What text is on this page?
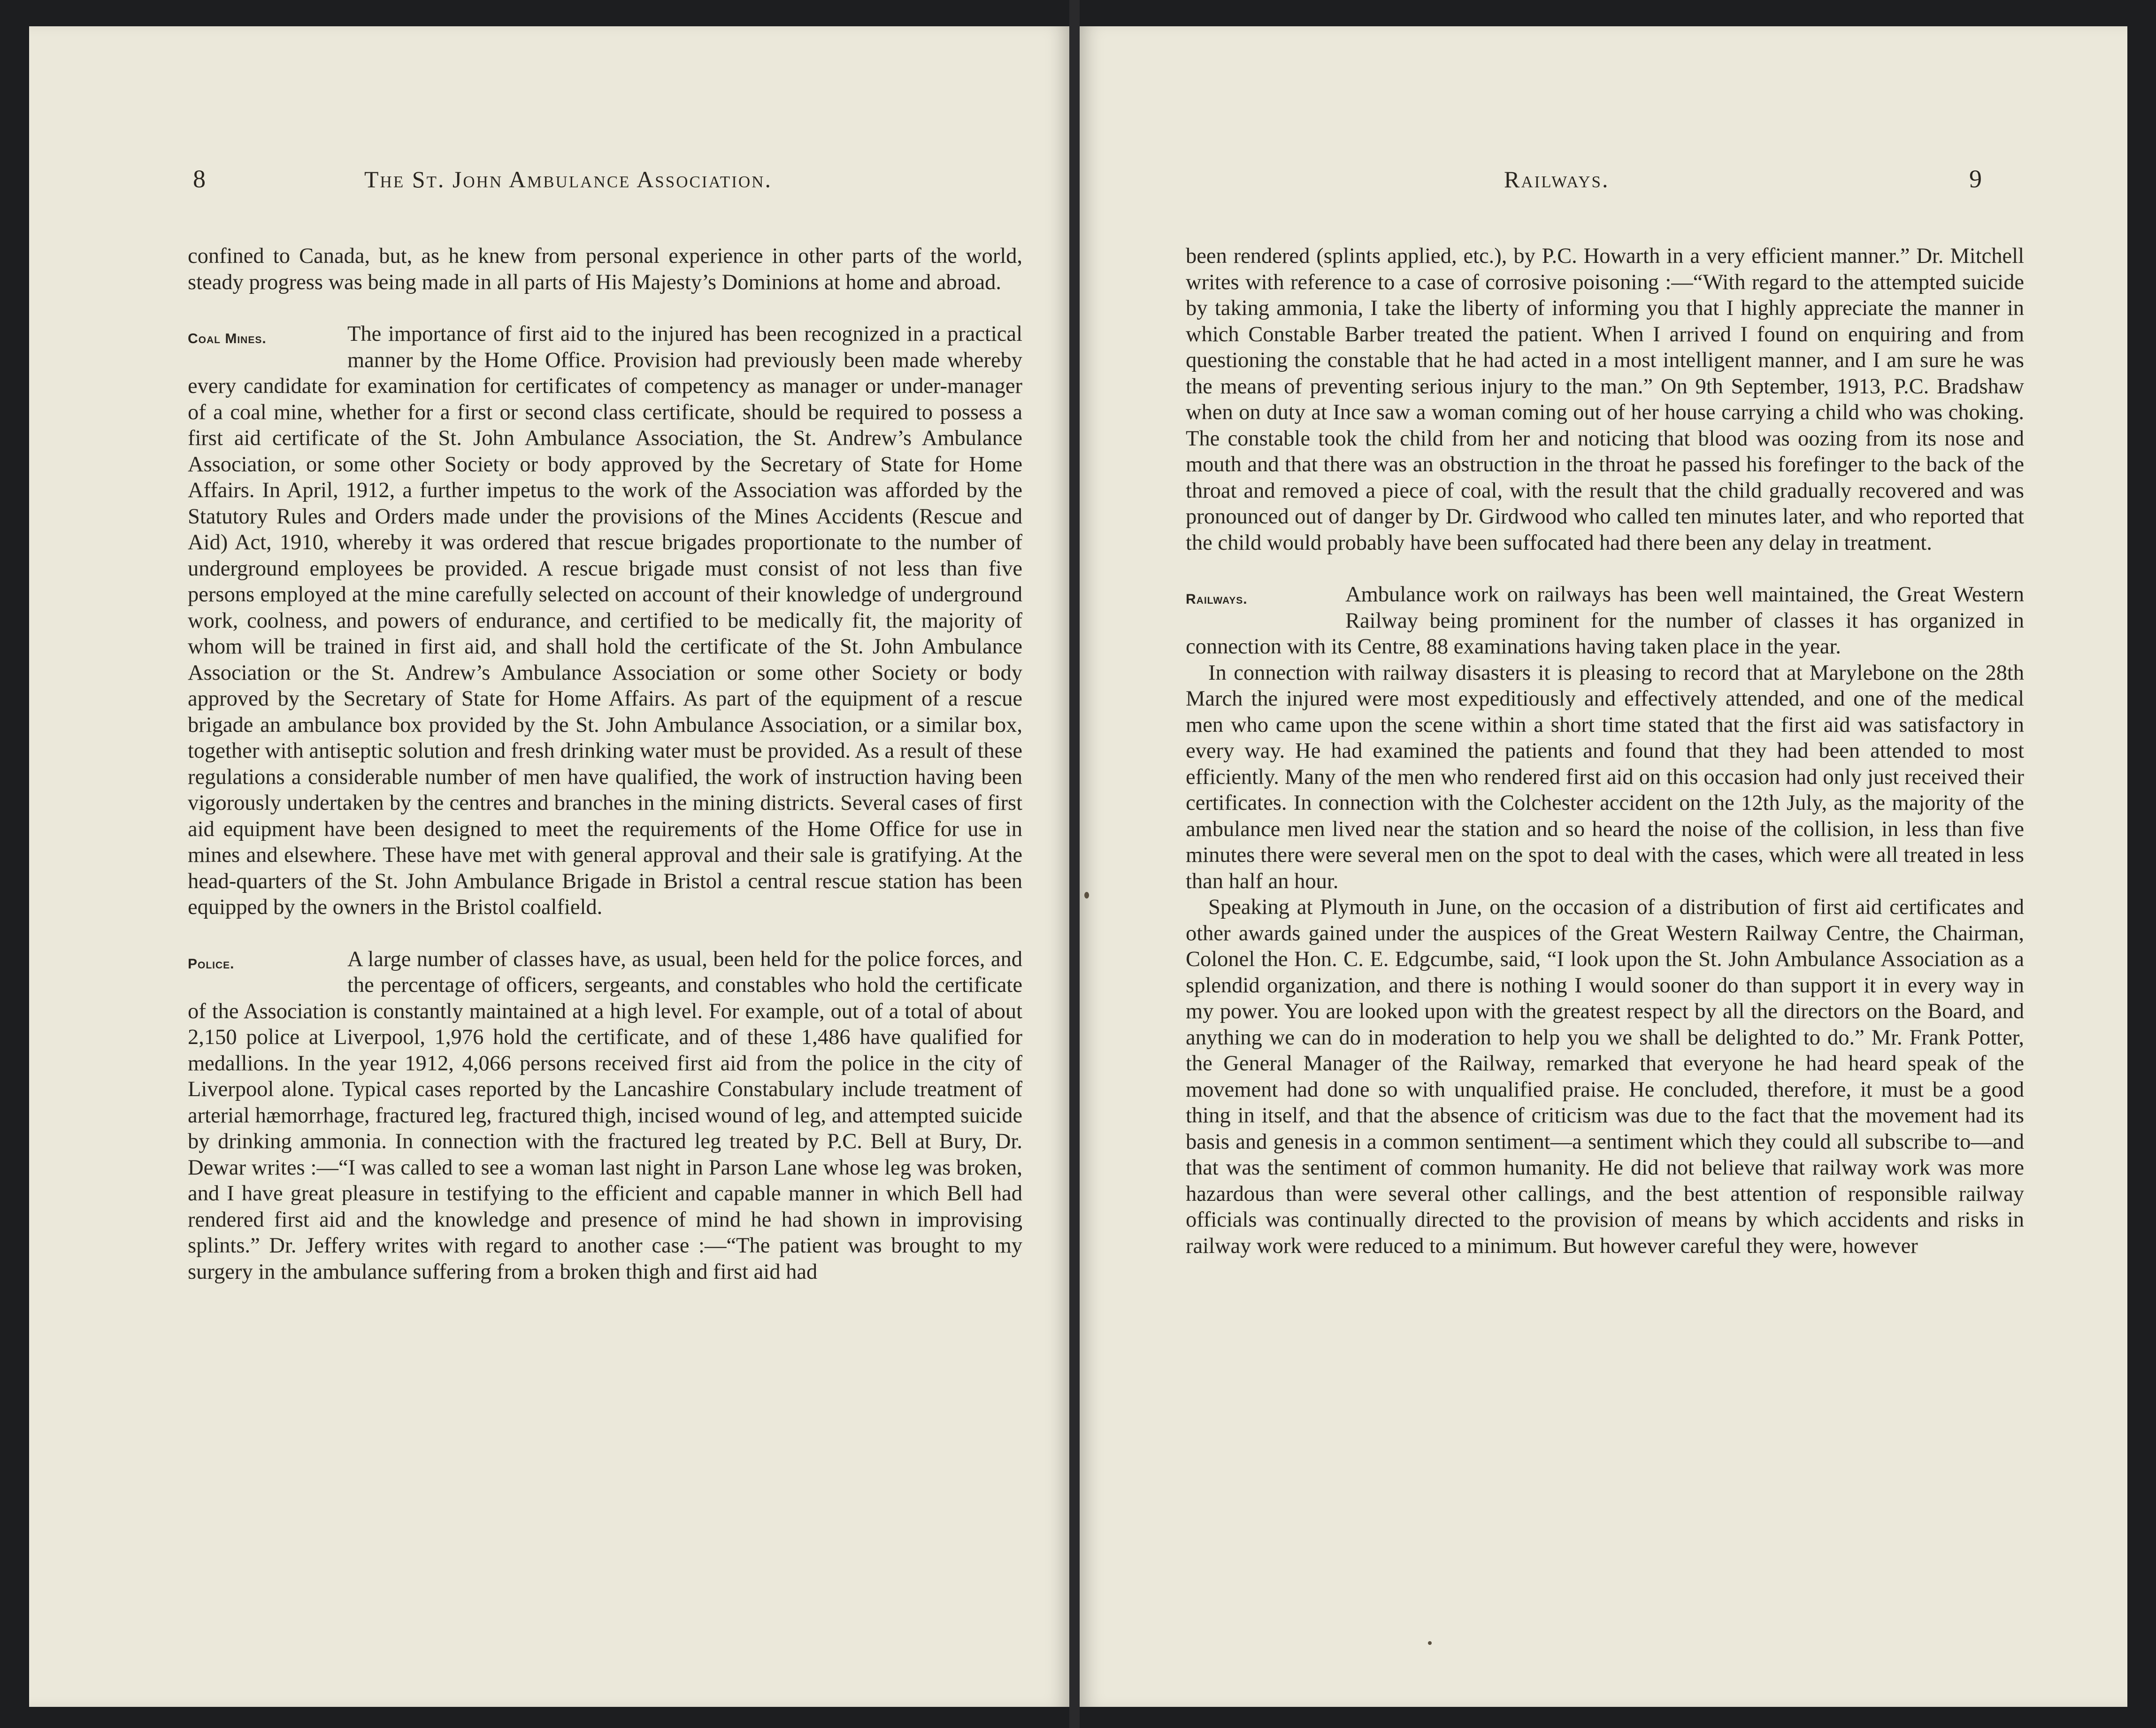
8	The St. John Ambulance Association.

confined to Canada, but, as he knew from personal experience in other parts of the world, steady progress was being made in all parts of His Majesty’s Dominions at home and abroad.

Coal Mines.	The importance of first aid to the injured has been recognized in a practical manner by the Home Office. Provision had previously been made whereby every candidate for examination for certificates of competency as manager or under-manager of a coal mine, whether for a first or second class certificate, should be required to possess a first aid certificate of the St. John Ambulance Association, the St. Andrew’s Ambulance Association, or some other Society or body approved by the Secretary of State for Home Affairs. In April, 1912, a further impetus to the work of the Association was afforded by the Statutory Rules and Orders made under the provisions of the Mines Accidents (Rescue and Aid) Act, 1910, whereby it was ordered that rescue brigades proportionate to the number of underground employees be provided. A rescue brigade must consist of not less than five persons employed at the mine carefully selected on account of their knowledge of underground work, coolness, and powers of endurance, and certified to be medically fit, the majority of whom will be trained in first aid, and shall hold the certificate of the St. John Ambulance Association or the St. Andrew’s Ambulance Association or some other Society or body approved by the Secretary of State for Home Affairs. As part of the equipment of a rescue brigade an ambulance box provided by the St. John Ambulance Association, or a similar box, together with antiseptic solution and fresh drinking water must be provided. As a result of these regulations a considerable number of men have qualified, the work of instruction having been vigorously undertaken by the centres and branches in the mining districts. Several cases of first aid equipment have been designed to meet the requirements of the Home Office for use in mines and elsewhere. These have met with general approval and their sale is gratifying. At the head-quarters of the St. John Ambulance Brigade in Bristol a central rescue station has been equipped by the owners in the Bristol coalfield.

Police.	A large number of classes have, as usual, been held for the police forces, and the percentage of officers, sergeants, and constables who hold the certificate of the Association is constantly maintained at a high level. For example, out of a total of about 2,150 police at Liverpool, 1,976 hold the certificate, and of these 1,486 have qualified for medallions. In the year 1912, 4,066 persons received first aid from the police in the city of Liverpool alone. Typical cases reported by the Lancashire Constabulary include treatment of arterial hæmorrhage, fractured leg, fractured thigh, incised wound of leg, and attempted suicide by drinking ammonia. In connection with the fractured leg treated by P.C. Bell at Bury, Dr. Dewar writes :—“I was called to see a woman last night in Parson Lane whose leg was broken, and I have great pleasure in testifying to the efficient and capable manner in which Bell had rendered first aid and the knowledge and presence of mind he had shown in improvising splints.” Dr. Jeffery writes with regard to another case :—“The patient was brought to my surgery in the ambulance suffering from a broken thigh and first aid had

Railways.	9

been rendered (splints applied, etc.), by P.C. Howarth in a very efficient manner.” Dr. Mitchell writes with reference to a case of corrosive poisoning :—“With regard to the attempted suicide by taking ammonia, I take the liberty of informing you that I highly appreciate the manner in which Constable Barber treated the patient. When I arrived I found on enquiring and from questioning the constable that he had acted in a most intelligent manner, and I am sure he was the means of preventing serious injury to the man.” On 9th September, 1913, P.C. Bradshaw when on duty at Ince saw a woman coming out of her house carrying a child who was choking. The constable took the child from her and noticing that blood was oozing from its nose and mouth and that there was an obstruction in the throat he passed his forefinger to the back of the throat and removed a piece of coal, with the result that the child gradually recovered and was pronounced out of danger by Dr. Girdwood who called ten minutes later, and who reported that the child would probably have been suffocated had there been any delay in treatment.

Railways.	Ambulance work on railways has been well maintained, the Great Western Railway being prominent for the number of classes it has organized in connection with its Centre, 88 examinations having taken place in the year.

In connection with railway disasters it is pleasing to record that at Marylebone on the 28th March the injured were most expeditiously and effectively attended, and one of the medical men who came upon the scene within a short time stated that the first aid was satisfactory in every way. He had examined the patients and found that they had been attended to most efficiently. Many of the men who rendered first aid on this occasion had only just received their certificates. In connection with the Colchester accident on the 12th July, as the majority of the ambulance men lived near the station and so heard the noise of the collision, in less than five minutes there were several men on the spot to deal with the cases, which were all treated in less than half an hour.

Speaking at Plymouth in June, on the occasion of a distribution of first aid certificates and other awards gained under the auspices of the Great Western Railway Centre, the Chairman, Colonel the Hon. C. E. Edgcumbe, said, “I look upon the St. John Ambulance Association as a splendid organization, and there is nothing I would sooner do than support it in every way in my power. You are looked upon with the greatest respect by all the directors on the Board, and anything we can do in moderation to help you we shall be delighted to do.” Mr. Frank Potter, the General Manager of the Railway, remarked that everyone he had heard speak of the movement had done so with unqualified praise. He concluded, therefore, it must be a good thing in itself, and that the absence of criticism was due to the fact that the movement had its basis and genesis in a common sentiment—a sentiment which they could all subscribe to—and that was the sentiment of common humanity. He did not believe that railway work was more hazardous than were several other callings, and the best attention of responsible railway officials was continually directed to the provision of means by which accidents and risks in railway work were reduced to a minimum. But however careful they were, however
